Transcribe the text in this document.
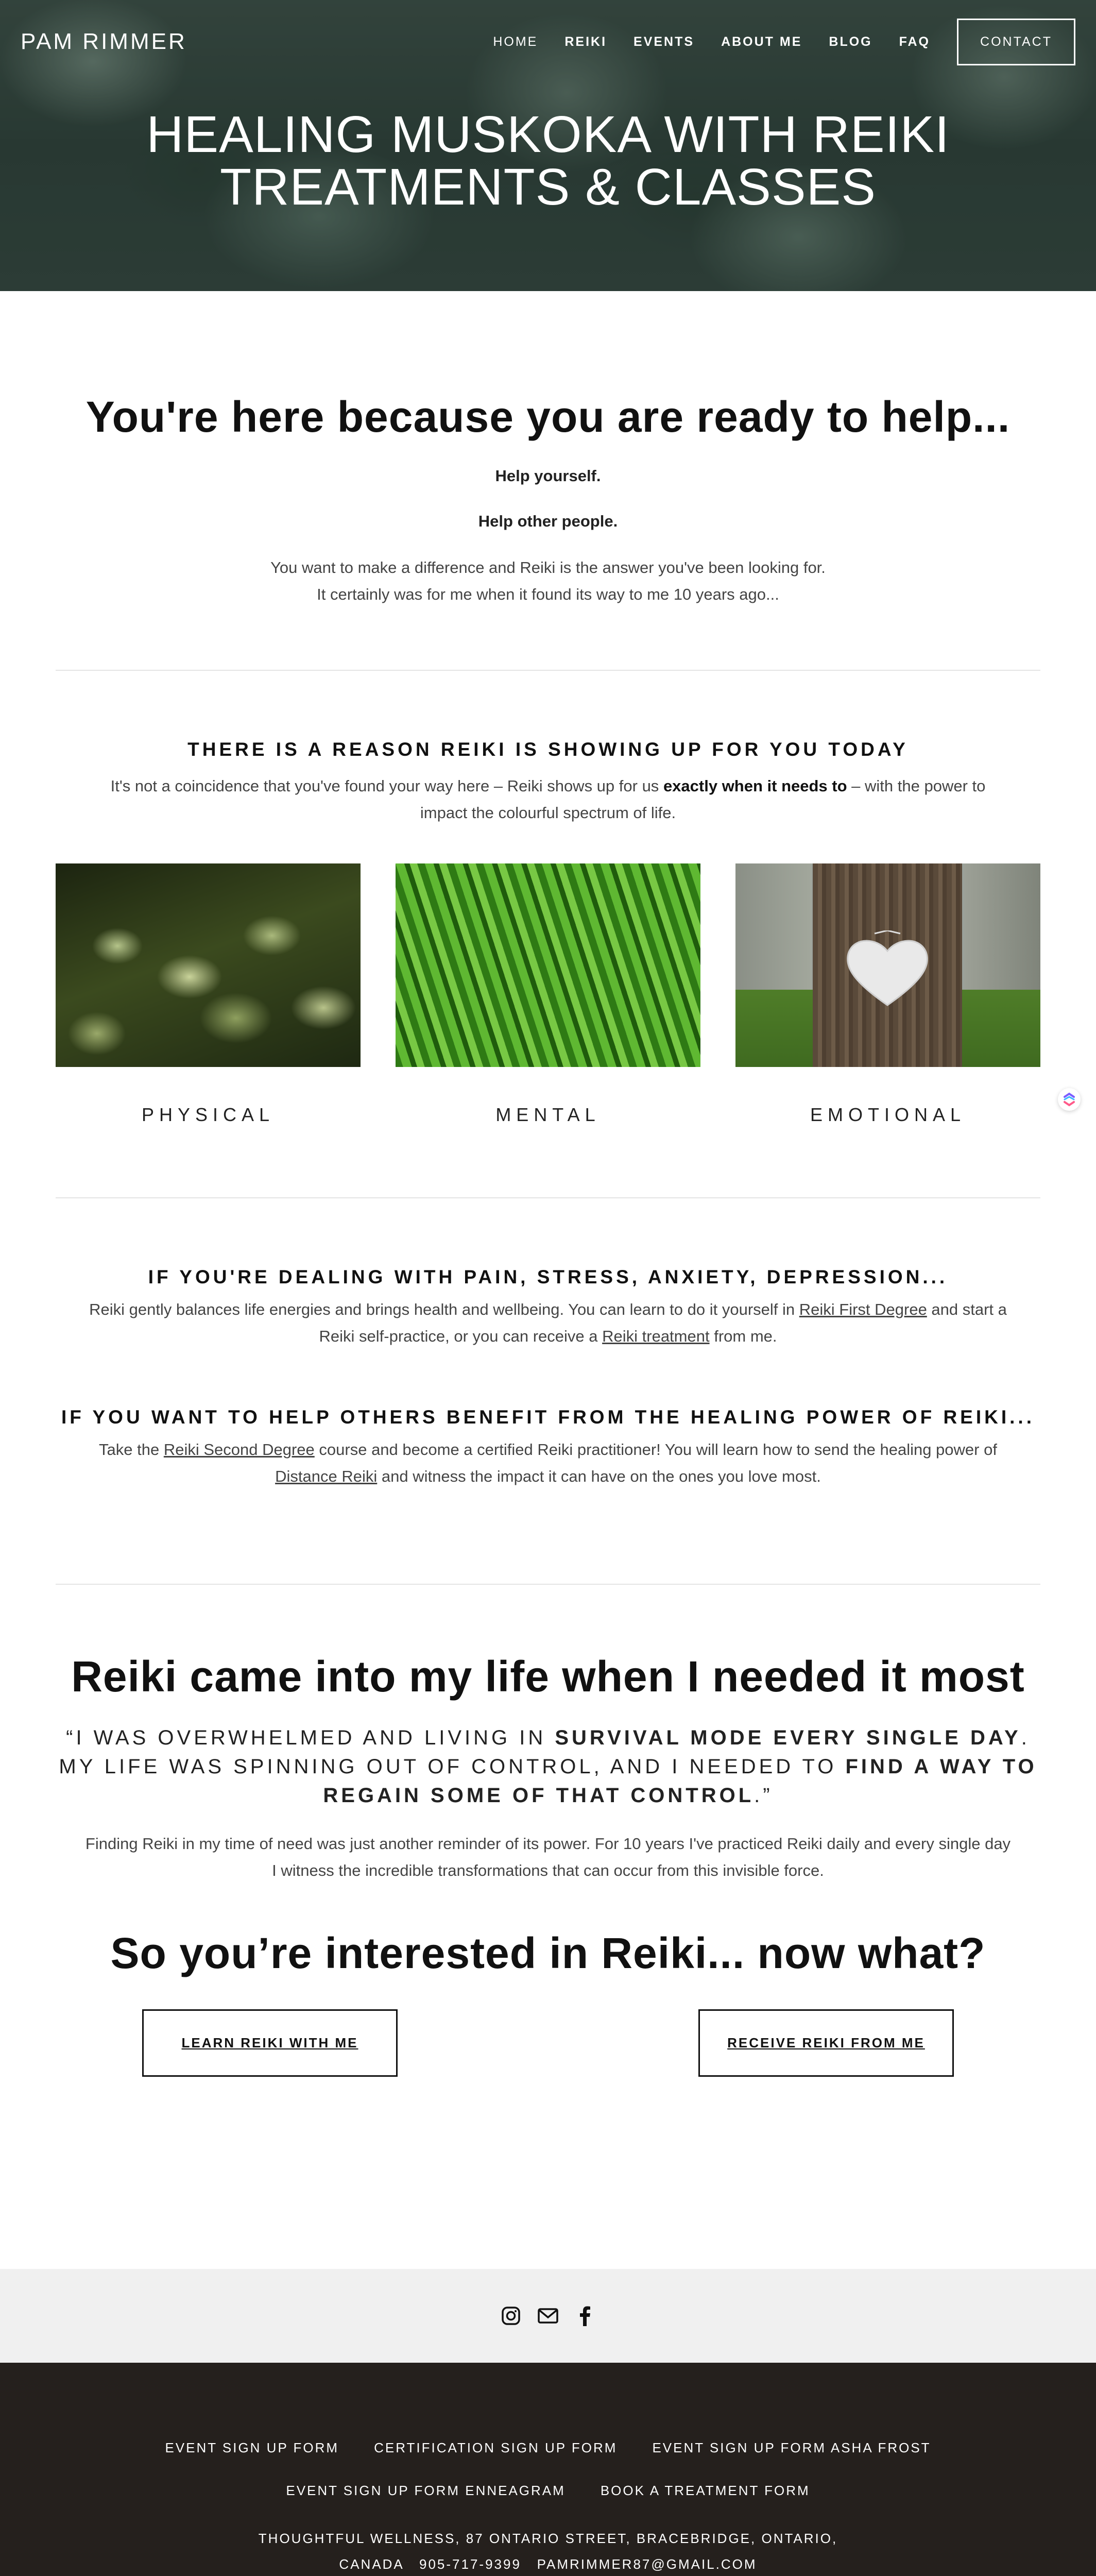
PAM RIMMER	HOME REIKI EVENTS ABOUT ME BLOG FAQ	CONTACT
HEALING MUSKOKA WITH REIKI
TREATMENTS & CLASSES
You're here because you are ready to help...
Help yourself.
Help other people.
You want to make a difference and Reiki is the answer you've been looking for.
It certainly was for me when it found its way to me 10 years ago...
THERE IS A REASON REIKI IS SHOWING UP FOR YOU TODAY
It's not a coincidence that you've found your way here – Reiki shows up for us exactly when it needs to – with the power to
impact the colourful spectrum of life.
PHYSICAL	MENTAL	EMOTIONAL
IF YOU'RE DEALING WITH PAIN, STRESS, ANXIETY, DEPRESSION...
Reiki gently balances life energies and brings health and wellbeing. You can learn to do it yourself in Reiki First Degree and start a
Reiki self-practice, or you can receive a Reiki treatment from me.
IF YOU WANT TO HELP OTHERS BENEFIT FROM THE HEALING POWER OF REIKI...
Take the Reiki Second Degree course and become a certified Reiki practitioner! You will learn how to send the healing power of
Distance Reiki and witness the impact it can have on the ones you love most.
Reiki came into my life when I needed it most
“I WAS OVERWHELMED AND LIVING IN SURVIVAL MODE EVERY SINGLE DAY.
MY LIFE WAS SPINNING OUT OF CONTROL, AND I NEEDED TO FIND A WAY TO
REGAIN SOME OF THAT CONTROL.”
Finding Reiki in my time of need was just another reminder of its power. For 10 years I've practiced Reiki daily and every single day
I witness the incredible transformations that can occur from this invisible force.
So you’re interested in Reiki... now what?
LEARN REIKI WITH ME	RECEIVE REIKI FROM ME
EVENT SIGN UP FORM	CERTIFICATION SIGN UP FORM	EVENT SIGN UP FORM ASHA FROST
EVENT SIGN UP FORM ENNEAGRAM	BOOK A TREATMENT FORM
THOUGHTFUL WELLNESS, 87 ONTARIO STREET, BRACEBRIDGE, ONTARIO,
CANADA   905-717-9399   PAMRIMMER87@GMAIL.COM
